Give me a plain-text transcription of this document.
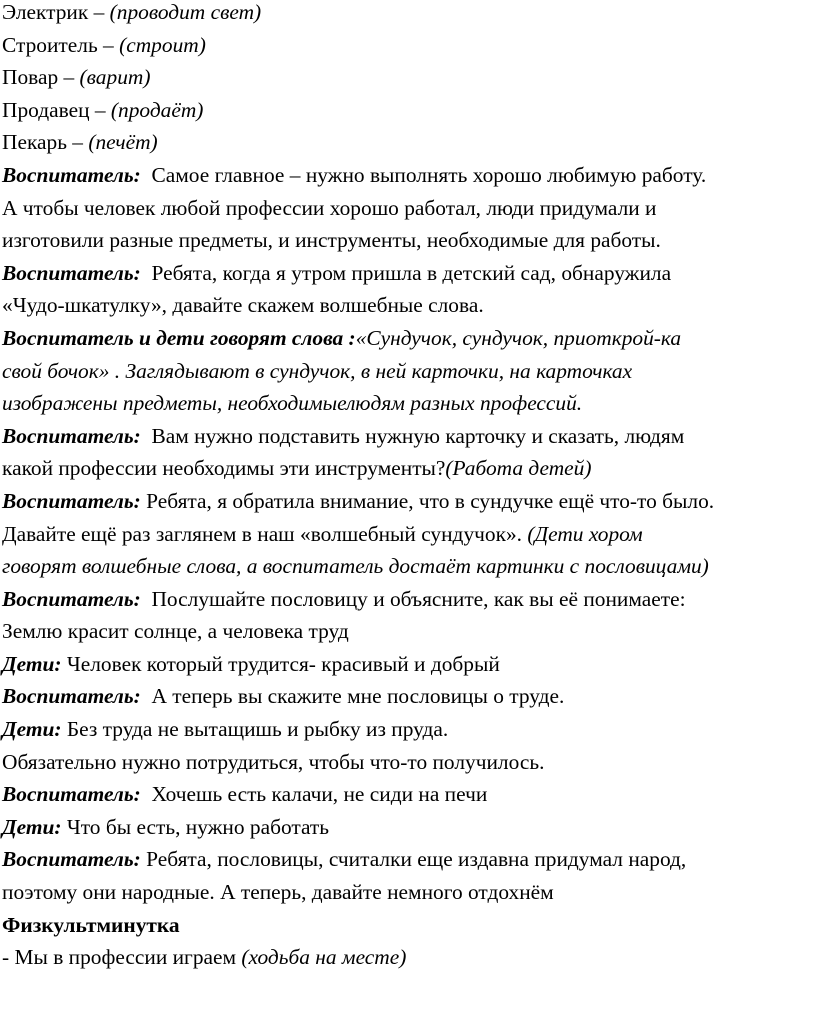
Электрик – (проводит свет)
Строитель – (строит)
Повар – (варит)
Продавец – (продаёт)
Пекарь – (печёт)
Воспитатель:  Самое главное – нужно выполнять хорошо любимую работу.
А чтобы человек любой профессии хорошо работал, люди придумали и
изготовили разные предметы, и инструменты, необходимые для работы.
Воспитатель:  Ребята, когда я утром пришла в детский сад, обнаружила
«Чудо-шкатулку», давайте скажем волшебные слова.
Воспитатель и дети говорят слова :«Сундучок, сундучок, приоткрой-ка
свой бочок» . Заглядывают в сундучок, в ней карточки, на карточках
изображены предметы, необходимыелюдям разных профессий.
Воспитатель:  Вам нужно подставить нужную карточку и сказать, людям
какой профессии необходимы эти инструменты?(Работа детей)
Воспитатель: Ребята, я обратила внимание, что в сундучке ещё что-то было.
Давайте ещё раз заглянем в наш «волшебный сундучок». (Дети хором
говорят волшебные слова, а воспитатель достаёт картинки с пословицами)
Воспитатель:  Послушайте пословицу и объясните, как вы её понимаете:
Землю красит солнце, а человека труд
Дети: Человек который трудится- красивый и добрый
Воспитатель:  А теперь вы скажите мне пословицы о труде.
Дети: Без труда не вытащишь и рыбку из пруда.
Обязательно нужно потрудиться, чтобы что-то получилось.
Воспитатель:  Хочешь есть калачи, не сиди на печи
Дети: Что бы есть, нужно работать
Воспитатель: Ребята, пословицы, считалки еще издавна придумал народ,
поэтому они народные. А теперь, давайте немного отдохнём
Физкультминутка
- Мы в профессии играем (ходьба на месте)
